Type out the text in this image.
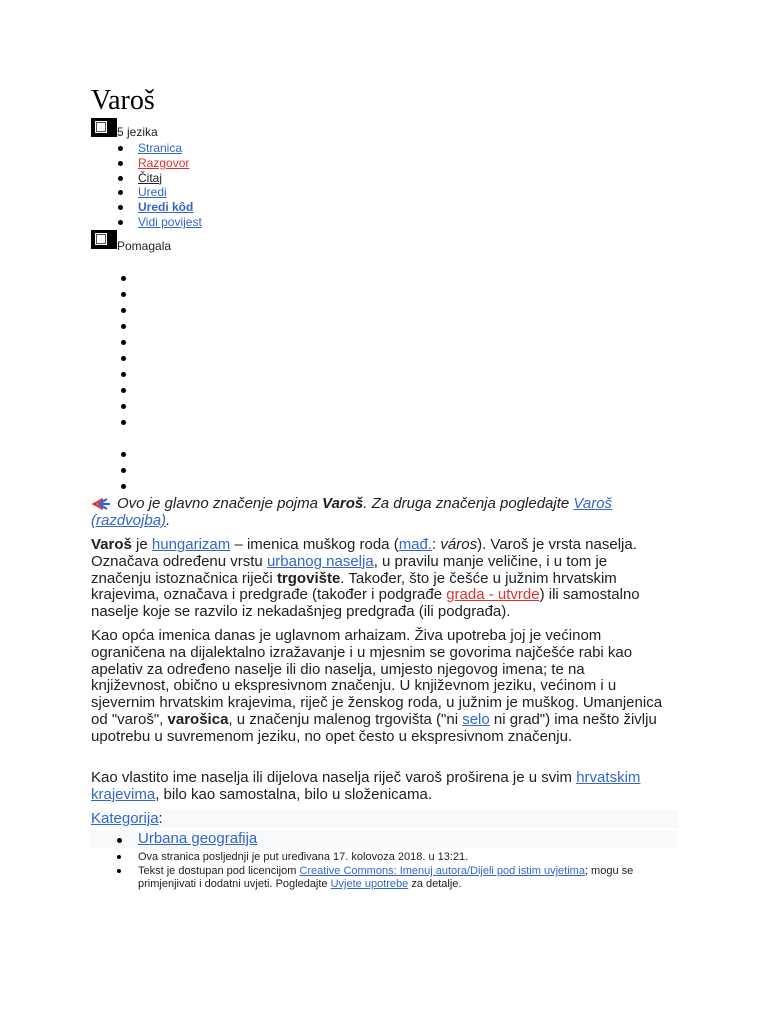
Varoš
5 jezika
Stranica
Razgovor
Čitaj
Uredi
Uredi kôd
Vidi povijest
Pomagala
Ovo je glavno značenje pojma Varoš. Za druga značenja pogledajte Varoš (razdvojba).

Varoš je hungarizam – imenica muškog roda (mađ.: város). Varoš je vrsta naselja. Označava određenu vrstu urbanog naselja, u pravilu manje veličine, i u tom je značenju istoznačnica riječi trgovište. Također, što je češće u južnim hrvatskim krajevima, označava i predgrađe (također i podgrađe grada - utvrde) ili samostalno naselje koje se razvilo iz nekadašnjeg predgrađa (ili podgrađa).

Kao opća imenica danas je uglavnom arhaizam. Živa upotreba joj je većinom ograničena na dijalektalno izražavanje i u mjesnim se govorima najčešće rabi kao apelativ za određeno naselje ili dio naselja, umjesto njegovog imena; te na književnost, obično u ekspresivnom značenju. U književnom jeziku, većinom i u sjevernim hrvatskim krajevima, riječ je ženskog roda, u južnim je muškog. Umanjenica od "varoš", varošica, u značenju malenog trgovišta ("ni selo ni grad") ima nešto življu upotrebu u suvremenom jeziku, no opet često u ekspresivnom značenju.

Kao vlastito ime naselja ili dijelova naselja riječ varoš proširena je u svim hrvatskim krajevima, bilo kao samostalna, bilo u složenicama.

Kategorija:
Urbana geografija
Ova stranica posljednji je put uređivana 17. kolovoza 2018. u 13:21.
Tekst je dostupan pod licencijom Creative Commons: Imenuj autora/Dijeli pod istim uvjetima; mogu se primjenjivati i dodatni uvjeti. Pogledajte Uvjete upotrebe za detalje.
